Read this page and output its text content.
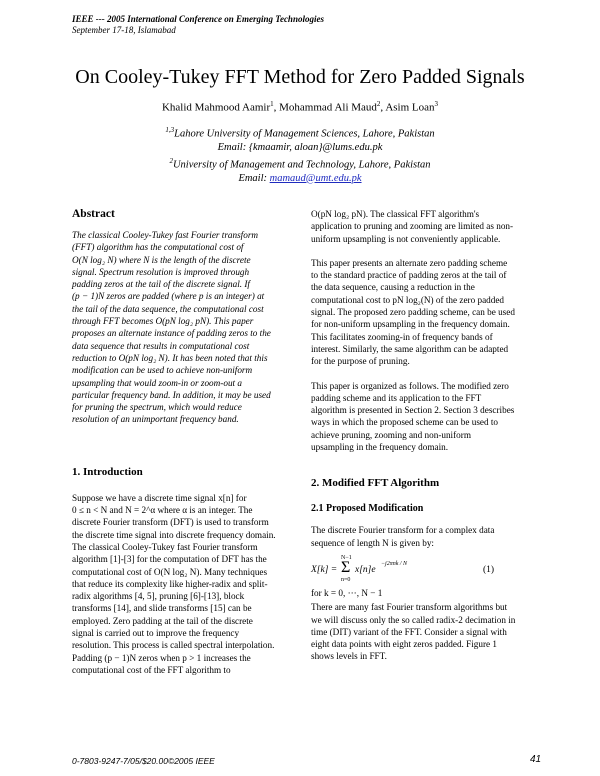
IEEE --- 2005 International Conference on Emerging Technologies
September 17-18, Islamabad
On Cooley-Tukey FFT Method for Zero Padded Signals
Khalid Mahmood Aamir$^1$, Mohammad Ali Maud$^2$, Asim Loan$^3$
$^{1,3}$Lahore University of Management Sciences, Lahore, Pakistan
Email: {kmaamir, aloan}@lums.edu.pk
$^2$University of Management and Technology, Lahore, Pakistan
Email: mamaud@umt.edu.pk
Abstract
The classical Cooley-Tukey fast Fourier transform
(FFT) algorithm has the computational cost of
O(N log₂ N) where N is the length of the discrete
signal. Spectrum resolution is improved through
padding zeros at the tail of the discrete signal. If
(p − 1)N zeros are padded (where p is an integer) at
the tail of the data sequence, the computational cost
through FFT becomes O(pN log₂ pN). This paper
proposes an alternate instance of padding zeros to the
data sequence that results in computational cost
reduction to O(pN log₂ N). It has been noted that this
modification can be used to achieve non-uniform
upsampling that would zoom-in or zoom-out a
particular frequency band. In addition, it may be used
for pruning the spectrum, which would reduce
resolution of an unimportant frequency band.
1. Introduction
Suppose we have a discrete time signal x[n] for
0 ≤ n < N and N = 2^α where α is an integer. The
discrete Fourier transform (DFT) is used to transform
the discrete time signal into discrete frequency domain.
The classical Cooley-Tukey fast Fourier transform
algorithm [1]-[3] for the computation of DFT has the
computational cost of O(N log₂ N). Many techniques
that reduce its complexity like higher-radix and split-
radix algorithms [4, 5], pruning [6]-[13], block
transforms [14], and slide transforms [15] can be
employed. Zero padding at the tail of the discrete
signal is carried out to improve the frequency
resolution. This process is called spectral interpolation.
Padding (p − 1)N zeros when p > 1 increases the
computational cost of the FFT algorithm to
O(pN log₂ pN). The classical FFT algorithm's
application to pruning and zooming are limited as non-
uniform upsampling is not conveniently applicable.
This paper presents an alternate zero padding scheme
to the standard practice of padding zeros at the tail of
the data sequence, causing a reduction in the
computational cost to pN log₂(N) of the zero padded
signal. The proposed zero padding scheme, can be used
for non-uniform upsampling in the frequency domain.
This facilitates zooming-in of frequency bands of
interest. Similarly, the same algorithm can be adapted
for the purpose of pruning.
This paper is organized as follows. The modified zero
padding scheme and its application to the FFT
algorithm is presented in Section 2. Section 3 describes
ways in which the proposed scheme can be used to
achieve pruning, zooming and non-uniform
upsampling in the frequency domain.
2. Modified FFT Algorithm
2.1 Proposed Modification
The discrete Fourier transform for a complex data
sequence of length N is given by:
X[k] =
N−1
Σ
n=0
x[n]e
−j2πnk / N
(1)
for k = 0, ···, N − 1
There are many fast Fourier transform algorithms but
we will discuss only the so called radix-2 decimation in
time (DIT) variant of the FFT. Consider a signal with
eight data points with eight zeros padded. Figure 1
shows levels in FFT.
0-7803-9247-7/05/$20.00©2005 IEEE	41
